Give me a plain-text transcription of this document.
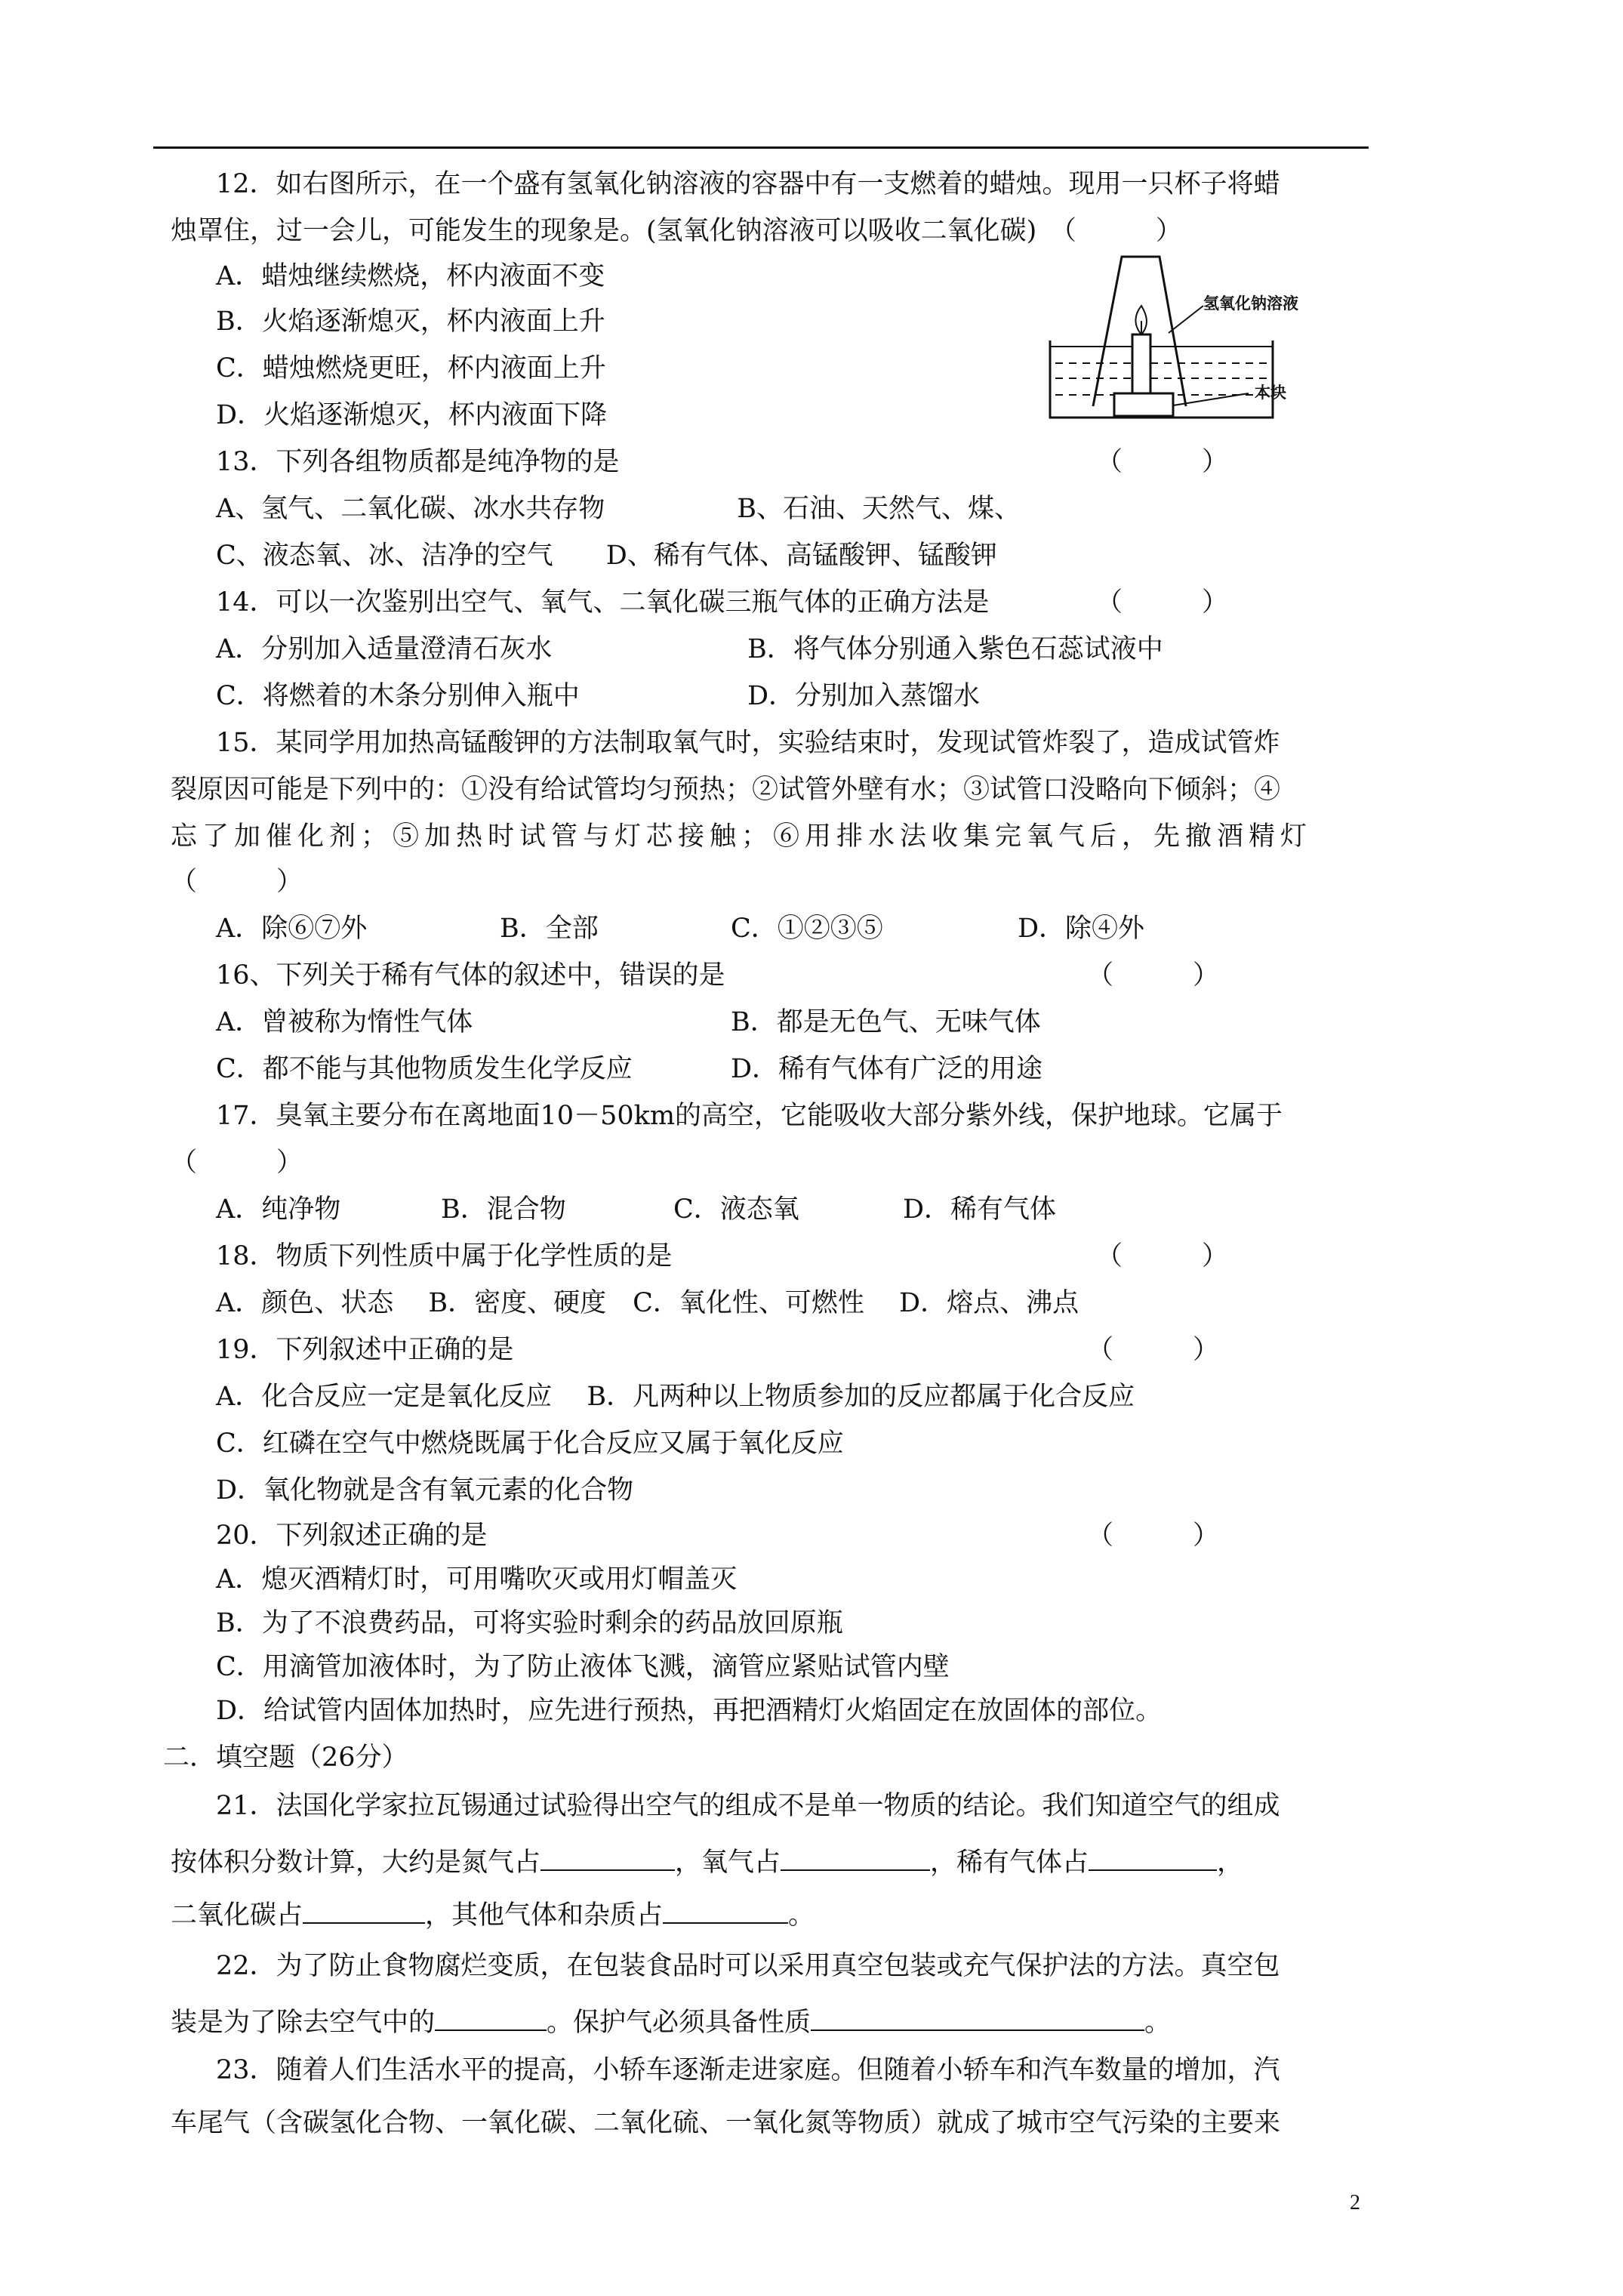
12．如右图所示，在一个盛有氢氧化钠溶液的容器中有一支燃着的蜡烛。现用一只杯子将蜡
烛罩住，过一会儿，可能发生的现象是。(氢氧化钠溶液可以吸收二氧化碳)　（　　　）
A．蜡烛继续燃烧，杯内液面不变
B．火焰逐渐熄灭，杯内液面上升
C．蜡烛燃烧更旺，杯内液面上升
D．火焰逐渐熄灭，杯内液面下降
氢氧化钠溶液
木块
13．下列各组物质都是纯净物的是	（　　　）
A、氢气、二氧化碳、冰水共存物　　　　　B、石油、天然气、煤、
C、液态氧、冰、洁净的空气　　D、稀有气体、高锰酸钾、锰酸钾
14．可以一次鉴别出空气、氧气、二氧化碳三瓶气体的正确方法是	（　　　）
A．分别加入适量澄清石灰水	B．将气体分别通入紫色石蕊试液中
C．将燃着的木条分别伸入瓶中	D．分别加入蒸馏水
15．某同学用加热高锰酸钾的方法制取氧气时，实验结束时，发现试管炸裂了，造成试管炸
裂原因可能是下列中的：①没有给试管均匀预热；②试管外壁有水；③试管口没略向下倾斜；④
忘了加催化剂；⑤加热时试管与灯芯接触；⑥用排水法收集完氧气后，先撤酒精灯
（　　　）
A．除⑥⑦外	B．全部	C．①②③⑤	D．除④外
16、下列关于稀有气体的叙述中，错误的是	（　　　）
A．曾被称为惰性气体	B．都是无色气、无味气体
C．都不能与其他物质发生化学反应	D．稀有气体有广泛的用途
17．臭氧主要分布在离地面10－50km的高空，它能吸收大部分紫外线，保护地球。它属于
（　　　）
A．纯净物	B．混合物	C．液态氧	D．稀有气体
18．物质下列性质中属于化学性质的是	（　　　）
A．颜色、状态　 B．密度、硬度　C．氧化性、可燃性　 D．熔点、沸点
19．下列叙述中正确的是	（　　　）
A．化合反应一定是氧化反应　 B．凡两种以上物质参加的反应都属于化合反应
C．红磷在空气中燃烧既属于化合反应又属于氧化反应
D．氧化物就是含有氧元素的化合物
20．下列叙述正确的是	（　　　）
A．熄灭酒精灯时，可用嘴吹灭或用灯帽盖灭
B．为了不浪费药品，可将实验时剩余的药品放回原瓶
C．用滴管加液体时，为了防止液体飞溅，滴管应紧贴试管内壁
D．给试管内固体加热时，应先进行预热，再把酒精灯火焰固定在放固体的部位。
二．填空题（26分）
21．法国化学家拉瓦锡通过试验得出空气的组成不是单一物质的结论。我们知道空气的组成
按体积分数计算，大约是氮气占	，氧气占	，稀有气体占	，
二氧化碳占	，其他气体和杂质占	。
22．为了防止食物腐烂变质，在包装食品时可以采用真空包装或充气保护法的方法。真空包
装是为了除去空气中的	。保护气必须具备性质	。
23．随着人们生活水平的提高，小轿车逐渐走进家庭。但随着小轿车和汽车数量的增加，汽
车尾气（含碳氢化合物、一氧化碳、二氧化硫、一氧化氮等物质）就成了城市空气污染的主要来
2
